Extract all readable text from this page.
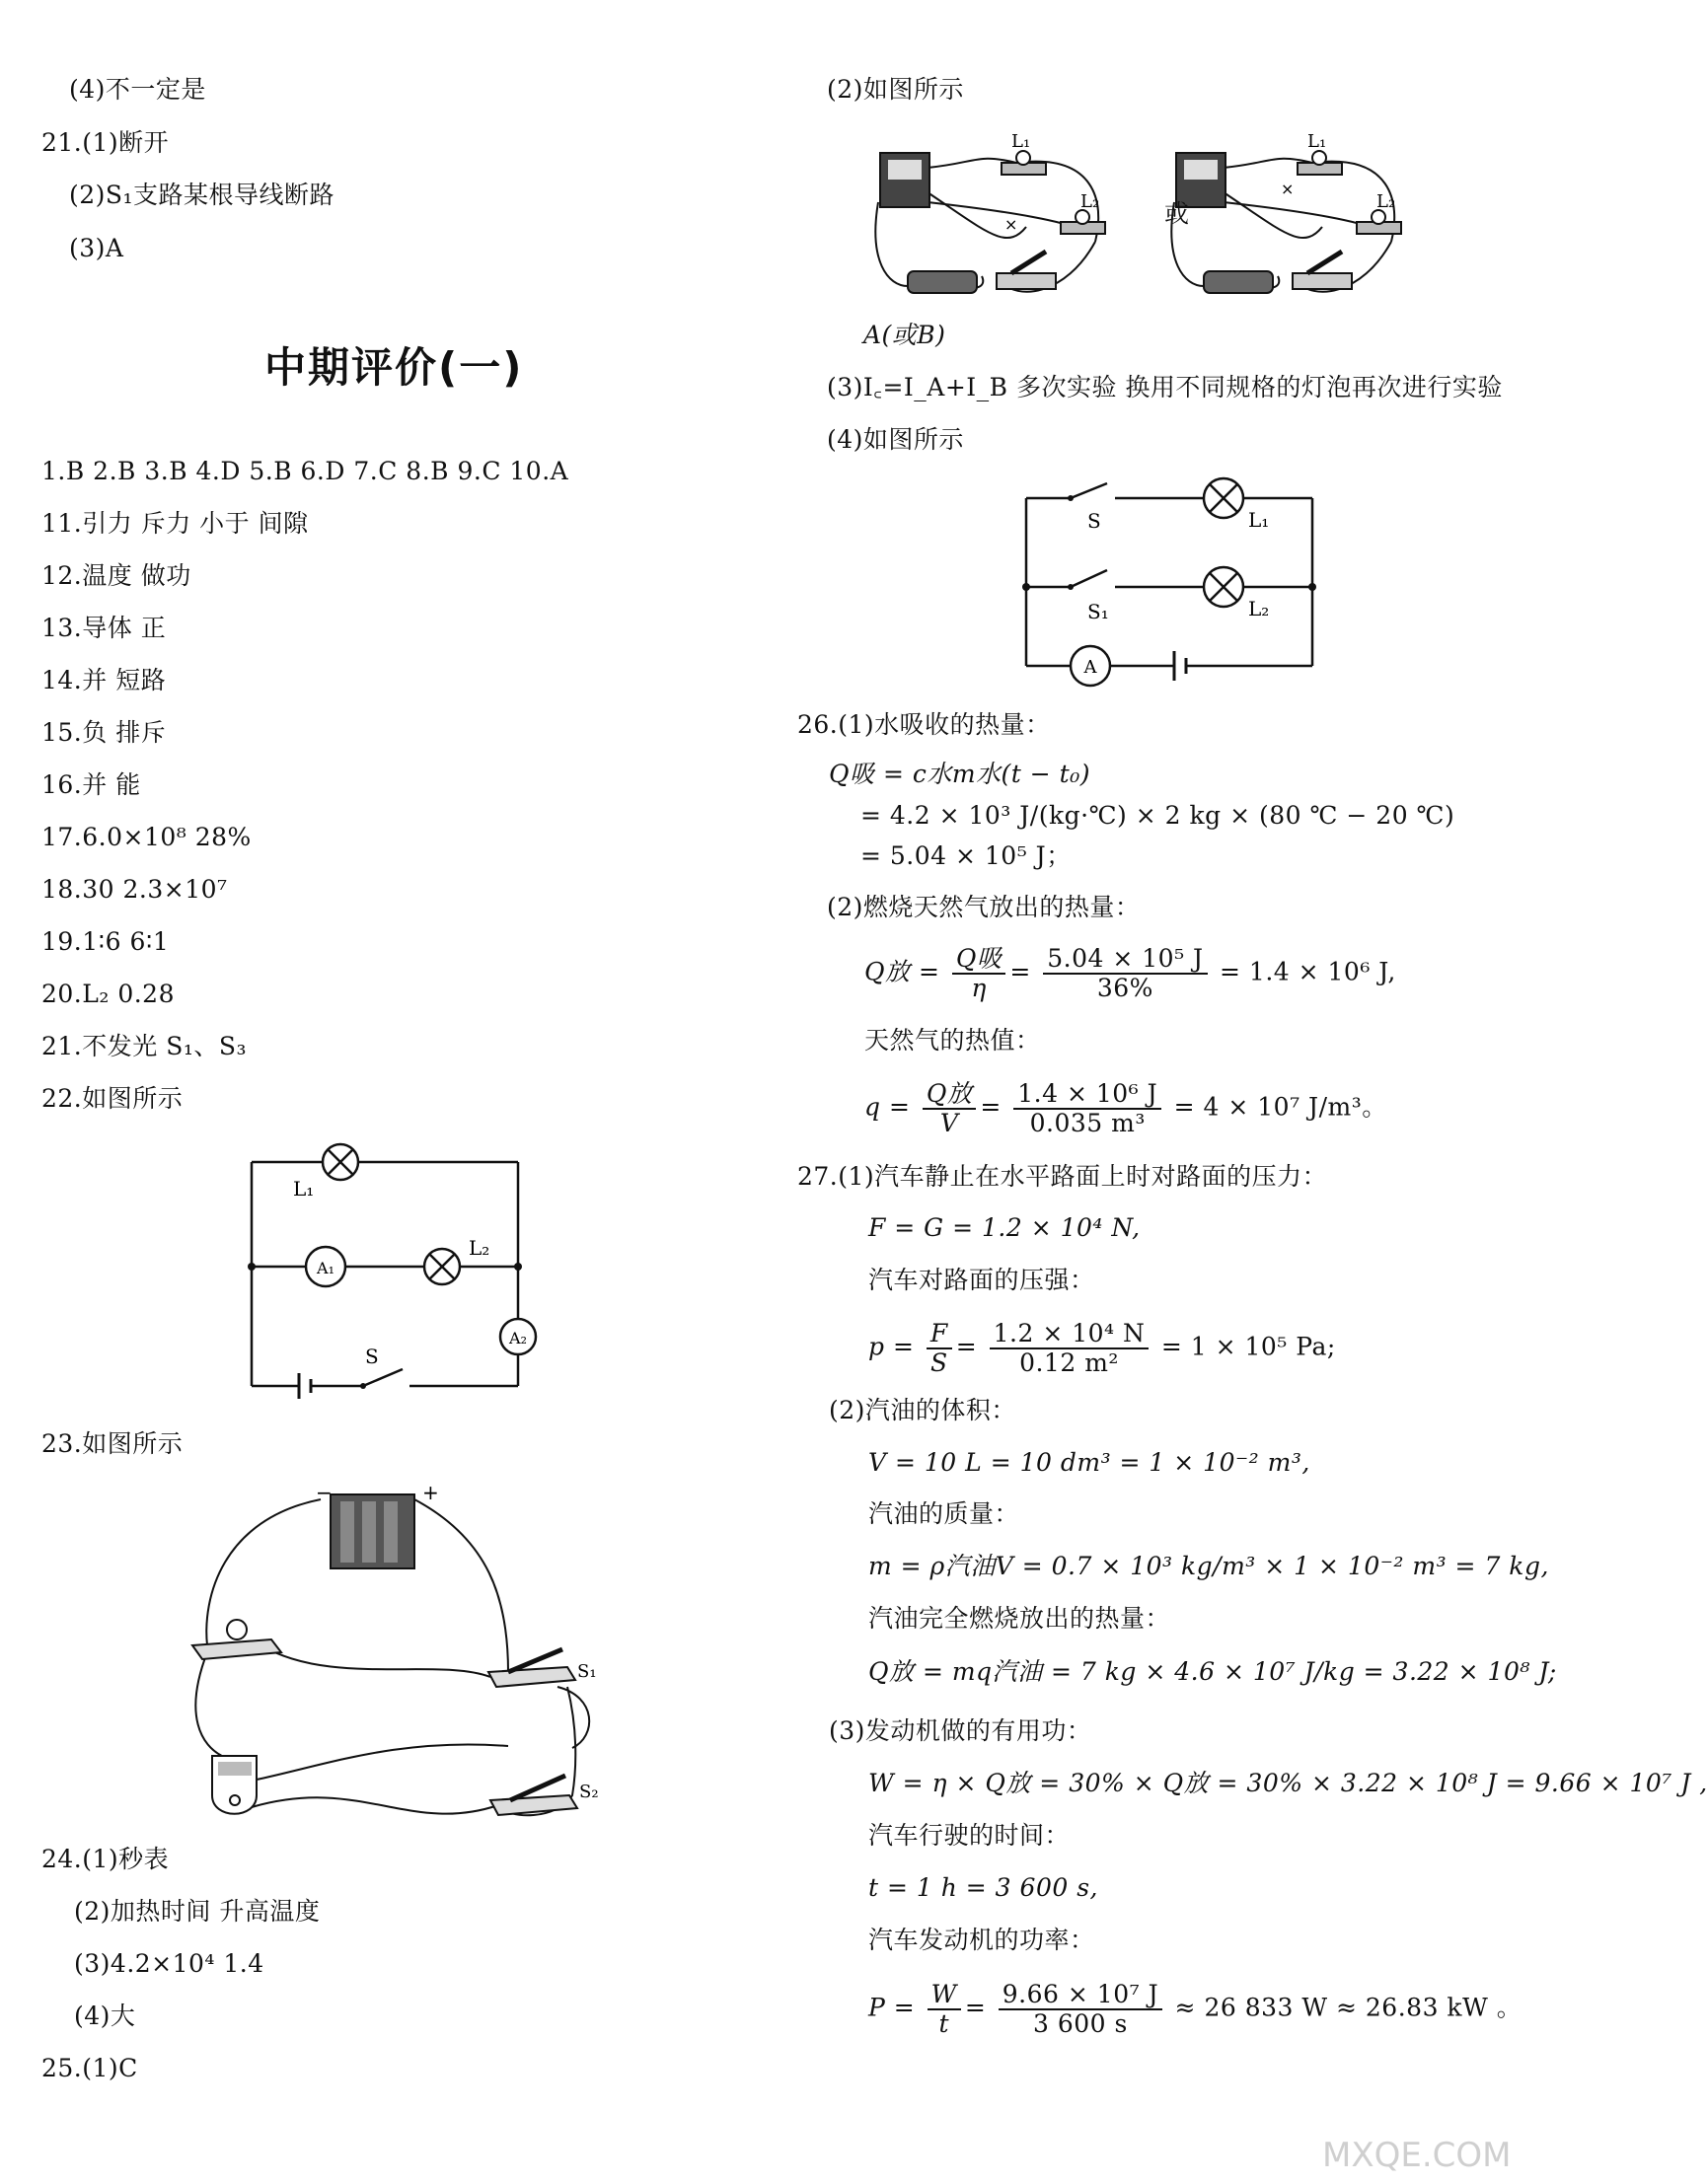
(4)不一定是
21.(1)断开
(2)S₁支路某根导线断路
(3)A
中期评价(一)
1.B 2.B 3.B 4.D 5.B 6.D 7.C 8.B 9.C 10.A
11.引力 斥力 小于 间隙
12.温度 做功
13.导体 正
14.并 短路
15.负 排斥
16.并 能
17.6.0×10⁸ 28%
18.30 2.3×10⁷
19.1∶6 6∶1
20.L₂ 0.28
21.不发光 S₁、S₃
22.如图所示
L₁
L₂
A₁
A₂
S
23.如图所示
−	+
S₁
S₂
24.(1)秒表
(2)加热时间 升高温度
(3)4.2×10⁴ 1.4
(4)大
25.(1)C
(2)如图所示
L₁
L₂
×
L₁
L₂
×
或
A(或B)
(3)I꜀=I_A+I_B 多次实验 换用不同规格的灯泡再次进行实验
(4)如图所示
S
S₁
L₁
L₂
A
26.(1)水吸收的热量：
Q吸 = c水m水(t − t₀)
= 4.2 × 10³ J/(kg·℃) × 2 kg × (80 ℃ − 20 ℃)
= 5.04 × 10⁵ J；
(2)燃烧天然气放出的热量：
Q放 = $\frac{\text{Q吸}}{\eta} = \frac{\text{5.04 × 10⁵ J}}{36\%} = 1.4 \times 10^6$ J,
天然气的热值：
$q = \frac{\text{Q放}}{V} = \frac{\text{1.4 × 10⁶ J}}{\text{0.035 m³}} = 4 \times 10^7$ J/m³。
27.(1)汽车静止在水平路面上时对路面的压力：
F = G = 1.2 × 10⁴ N,
汽车对路面的压强：
$p = \frac{F}{S} = \frac{\text{1.2 × 10⁴ N}}{\text{0.12 m²}} = 1 \times 10^5$ Pa;
(2)汽油的体积：
V = 10 L = 10 dm³ = 1 × 10⁻² m³,
汽油的质量：
m = ρ汽油V = 0.7 × 10³ kg/m³ × 1 × 10⁻² m³ = 7 kg,
汽油完全燃烧放出的热量：
Q放 = mq汽油 = 7 kg × 4.6 × 10⁷ J/kg = 3.22 × 10⁸ J;
(3)发动机做的有用功：
W = η × Q放 = 30% × Q放 = 30% × 3.22 × 10⁸ J = 9.66 × 10⁷ J ,
汽车行驶的时间：
t = 1 h = 3 600 s,
汽车发动机的功率：
$P = \frac{W}{t} = \frac{\text{9.66 × 10⁷ J}}{3 600 s} \approx 26$ 833 W ≈ 26.83 kW 。
MXQE.COM
